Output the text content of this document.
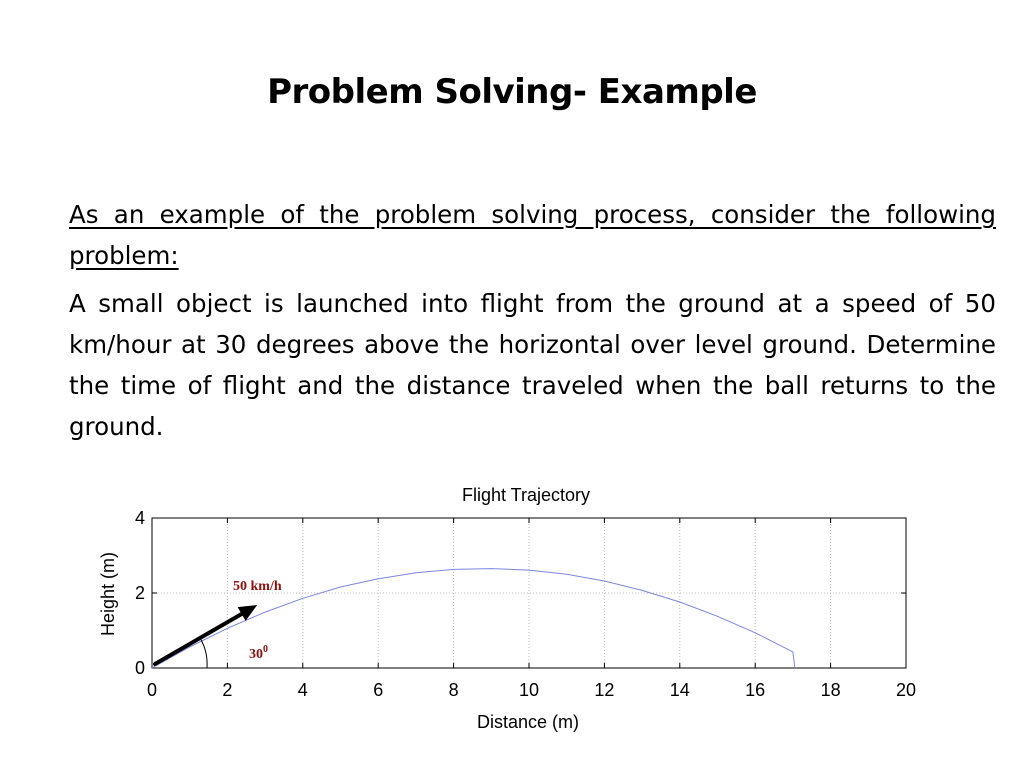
Problem Solving- Example
As an example of the problem solving process, consider the following problem:
A small object is launched into flight from the ground at a speed of 50 km/hour at 30 degrees above the horizontal over level ground. Determine the time of flight and the distance traveled when the ball returns to the ground.
Flight Trajectory
0	2	4	6	8	10	12	14	16	18	20
0
2
4
50 km/h
$30^0$
Distance (m)
Height (m)
